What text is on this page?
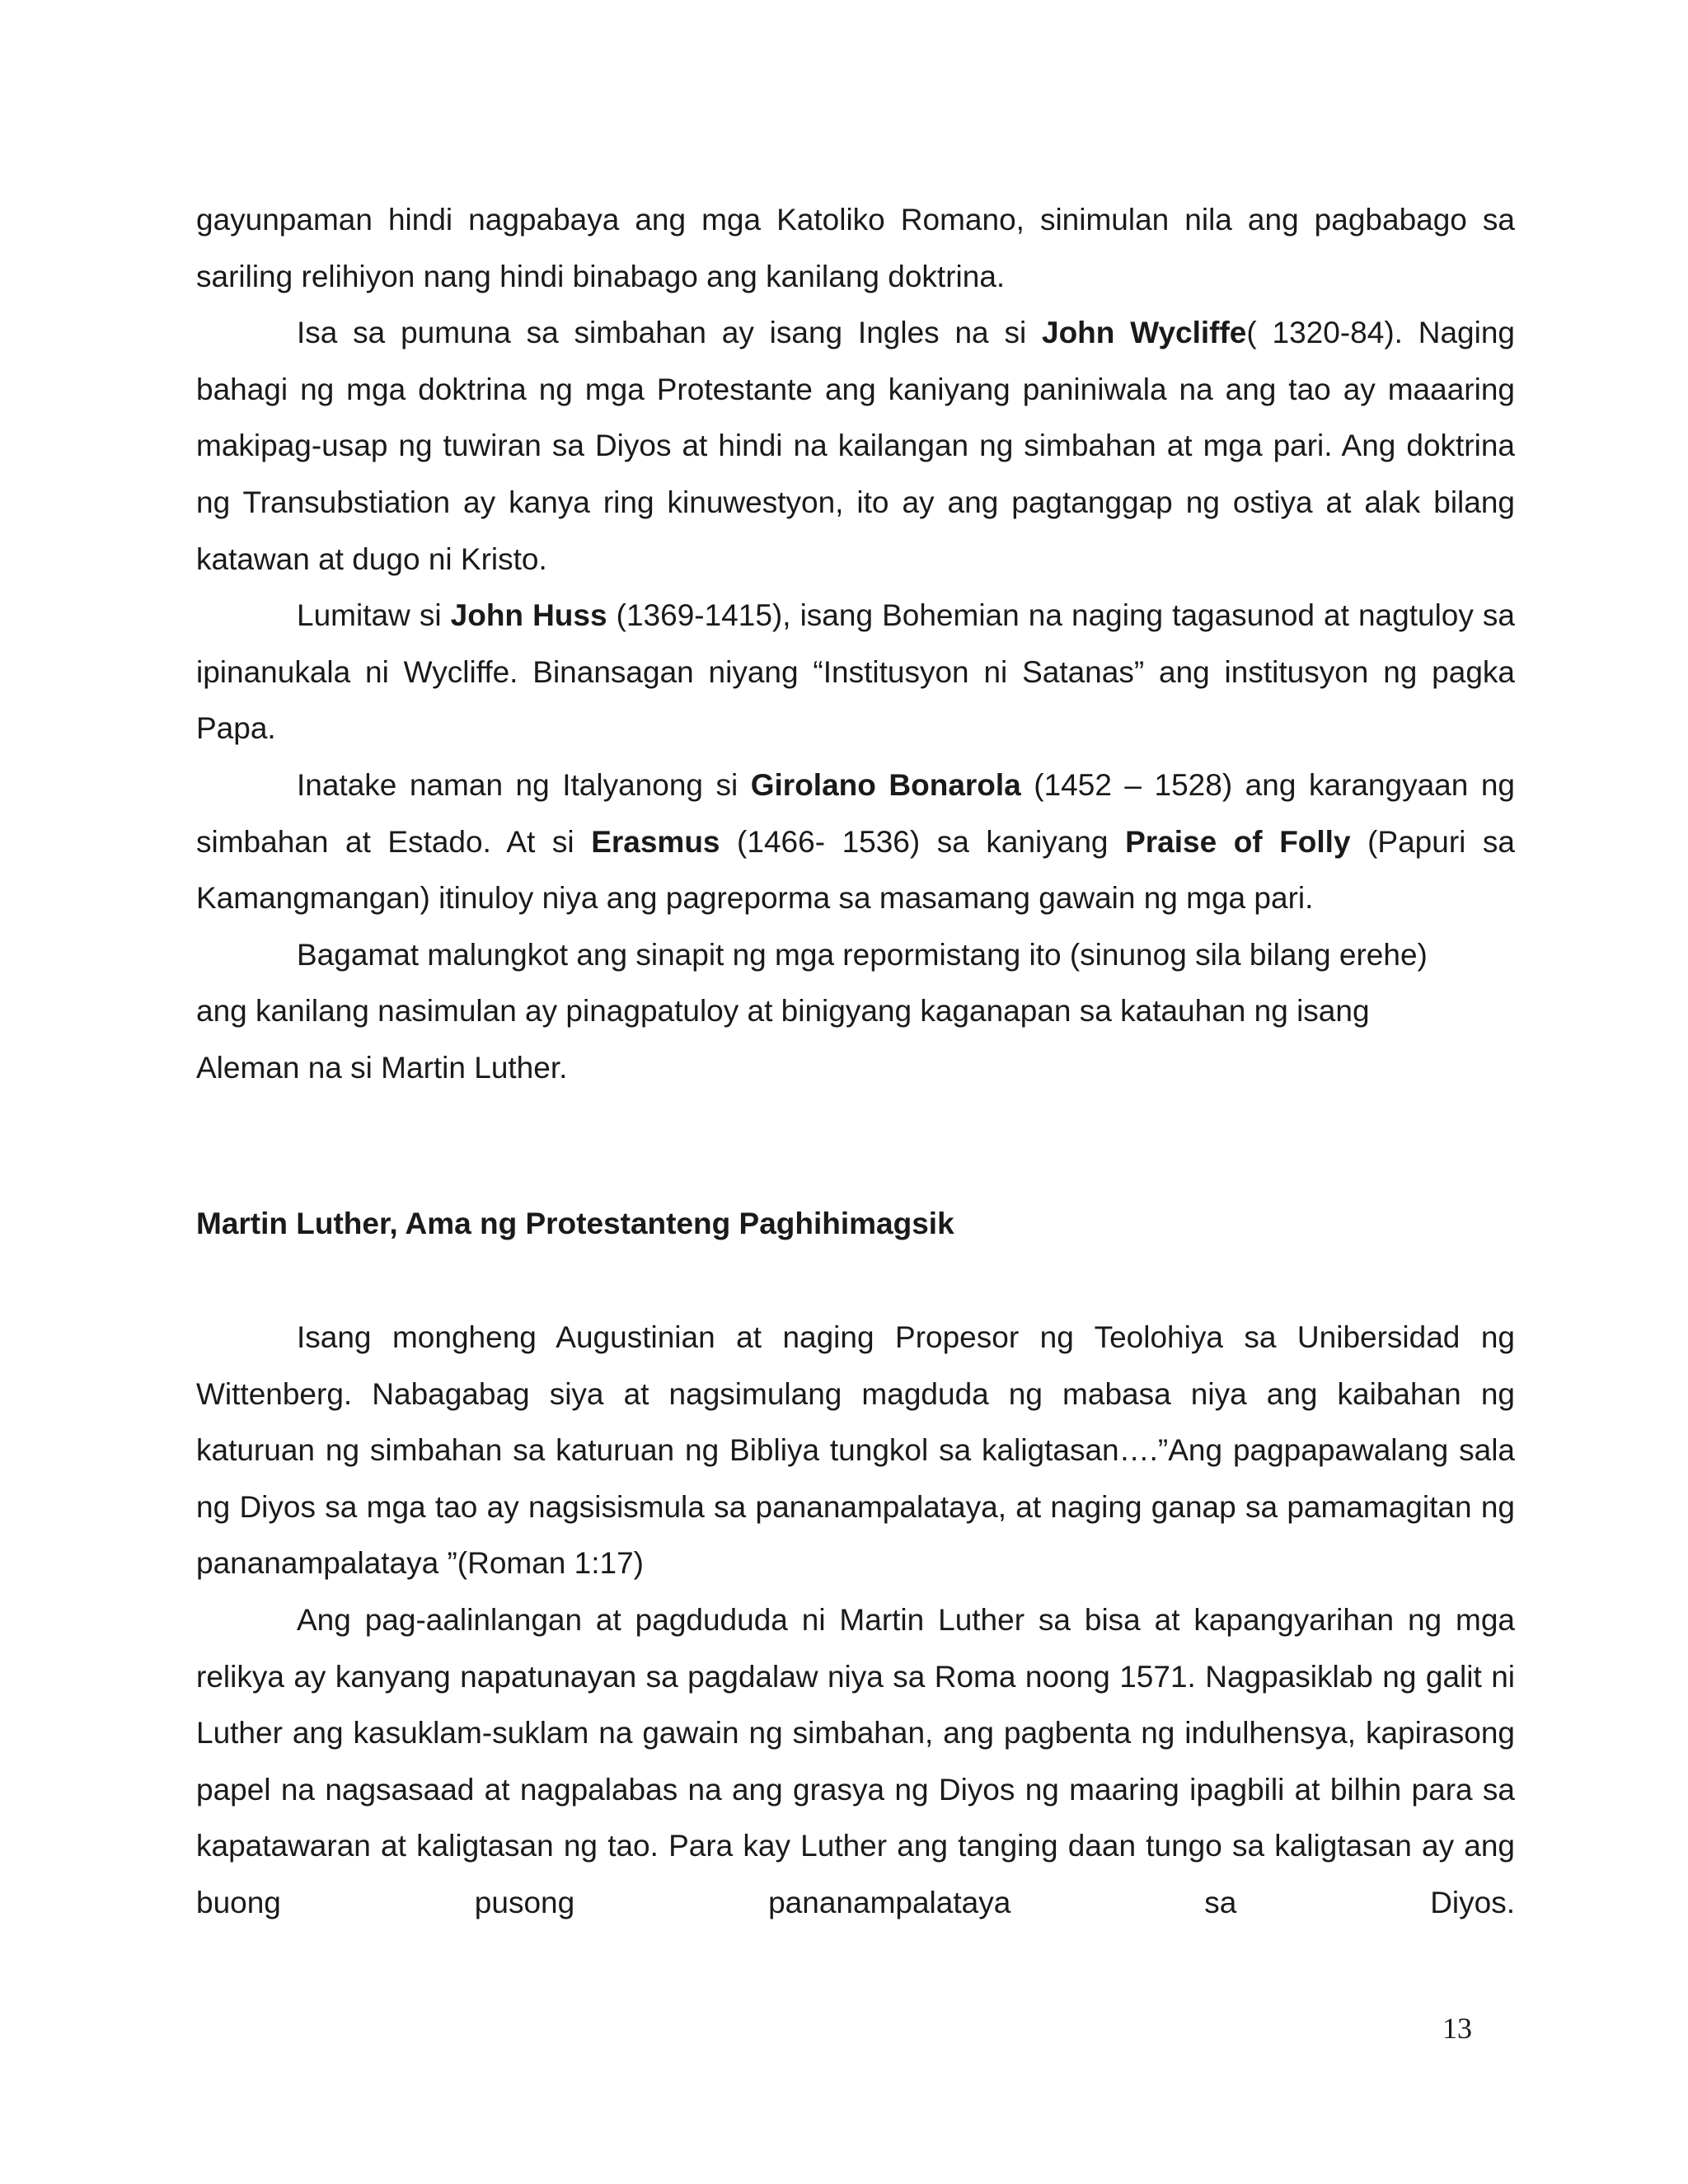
gayunpaman hindi nagpabaya ang mga Katoliko Romano, sinimulan nila ang pagbabago sa sariling relihiyon nang hindi binabago ang kanilang doktrina.

Isa sa pumuna sa simbahan ay isang Ingles na si John Wycliffe( 1320-84). Naging bahagi ng mga doktrina ng mga Protestante ang kaniyang paniniwala na ang tao ay maaaring makipag-usap ng tuwiran sa Diyos at hindi na kailangan ng simbahan at mga pari. Ang doktrina ng Transubstiation ay kanya ring kinuwestyon, ito ay ang pagtanggap ng ostiya at alak bilang katawan at dugo ni Kristo.

Lumitaw si John Huss (1369-1415), isang Bohemian na naging tagasunod at nagtuloy sa ipinanukala ni Wycliffe. Binansagan niyang “Institusyon ni Satanas” ang institusyon ng pagka Papa.

Inatake naman ng Italyanong si Girolano Bonarola (1452 – 1528) ang karangyaan ng simbahan at Estado. At si Erasmus (1466- 1536) sa kaniyang Praise of Folly (Papuri sa Kamangmangan) itinuloy niya ang pagreporma sa masamang gawain ng mga pari.

Bagamat malungkot ang sinapit ng mga repormistang ito (sinunog sila bilang erehe)
ang kanilang nasimulan ay pinagpatuloy at binigyang kaganapan sa katauhan ng isang
Aleman na si Martin Luther.
Martin Luther, Ama ng Protestanteng Paghihimagsik

Isang mongheng Augustinian at naging Propesor ng Teolohiya sa Unibersidad ng Wittenberg. Nabagabag siya at nagsimulang magduda ng mabasa niya ang kaibahan ng katuruan ng simbahan sa katuruan ng Bibliya tungkol sa kaligtasan….”Ang pagpapawalang sala ng Diyos sa mga tao ay nagsisismula sa pananampalataya, at naging ganap sa pamamagitan ng pananampalataya ”(Roman 1:17)

Ang pag-aalinlangan at pagdududa ni Martin Luther sa bisa at kapangyarihan ng mga relikya ay kanyang napatunayan sa pagdalaw niya sa Roma noong 1571. Nagpasiklab ng galit ni Luther ang kasuklam-suklam na gawain ng simbahan, ang pagbenta ng indulhensya, kapirasong papel na nagsasaad at nagpalabas na ang grasya ng Diyos ng maaring ipagbili at bilhin para sa kapatawaran at kaligtasan ng tao. Para kay Luther ang tanging daan tungo sa kaligtasan ay ang buong pusong pananampalataya sa Diyos.

13
